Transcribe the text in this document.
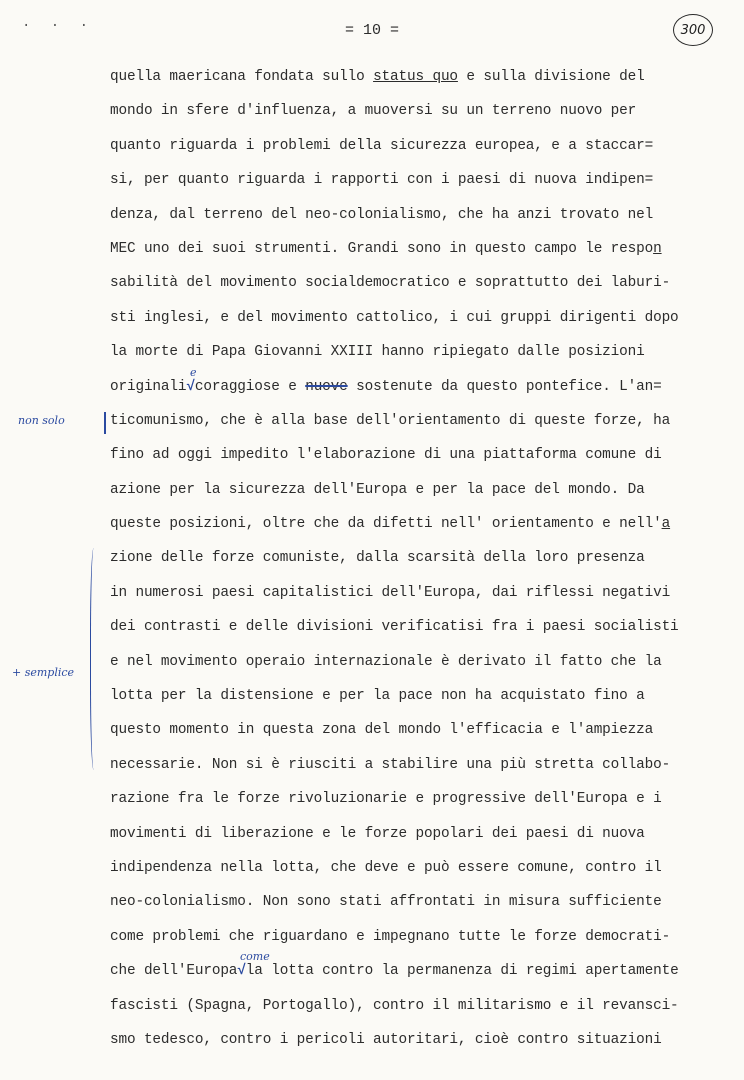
· · ·	= 10 =	300
quella maericana fondata sullo status quo e sulla divisione del
mondo in sfere d'influenza, a muoversi su un terreno nuovo per
quanto riguarda i problemi della sicurezza europea, e a staccar=
si, per quanto riguarda i rapporti con i paesi di nuova indipen=
denza, dal terreno del neo-colonialismo, che ha anzi trovato nel
MEC uno dei suoi strumenti. Grandi sono in questo campo le respon
sabilità del movimento socialdemocratico e soprattutto dei laburi-
sti inglesi, e del movimento cattolico, i cui gruppi dirigenti dopo
la morte di Papa Giovanni XXIII hanno ripiegato dalle posizioni
originali√coraggiose e nuove sostenute da questo pontefice. L'an=
ticomunismo, che è alla base dell'orientamento di queste forze, ha
fino ad oggi impedito l'elaborazione di una piattaforma comune di
azione per la sicurezza dell'Europa e per la pace del mondo. Da
queste posizioni, oltre che da difetti nell' orientamento e nell'a
zione delle forze comuniste, dalla scarsità della loro presenza
in numerosi paesi capitalistici dell'Europa, dai riflessi negativi
dei contrasti e delle divisioni verificatisi fra i paesi socialisti
e nel movimento operaio internazionale è derivato il fatto che la
lotta per la distensione e per la pace non ha acquistato fino a
questo momento in questa zona del mondo l'efficacia e l'ampiezza
necessarie. Non si è riusciti a stabilire una più stretta collabo-
razione fra le forze rivoluzionarie e progressive dell'Europa e i
movimenti di liberazione e le forze popolari dei paesi di nuova
indipendenza nella lotta, che deve e può essere comune, contro il
neo-colonialismo. Non sono stati affrontati in misura sufficiente
come problemi che riguardano e impegnano tutte le forze democrati-
che dell'Europa√la lotta contro la permanenza di regimi apertamente
fascisti (Spagna, Portogallo), contro il militarismo e il revansci-
smo tedesco, contro i pericoli autoritari, cioè contro situazioni
e
come
non solo
+ semplice
